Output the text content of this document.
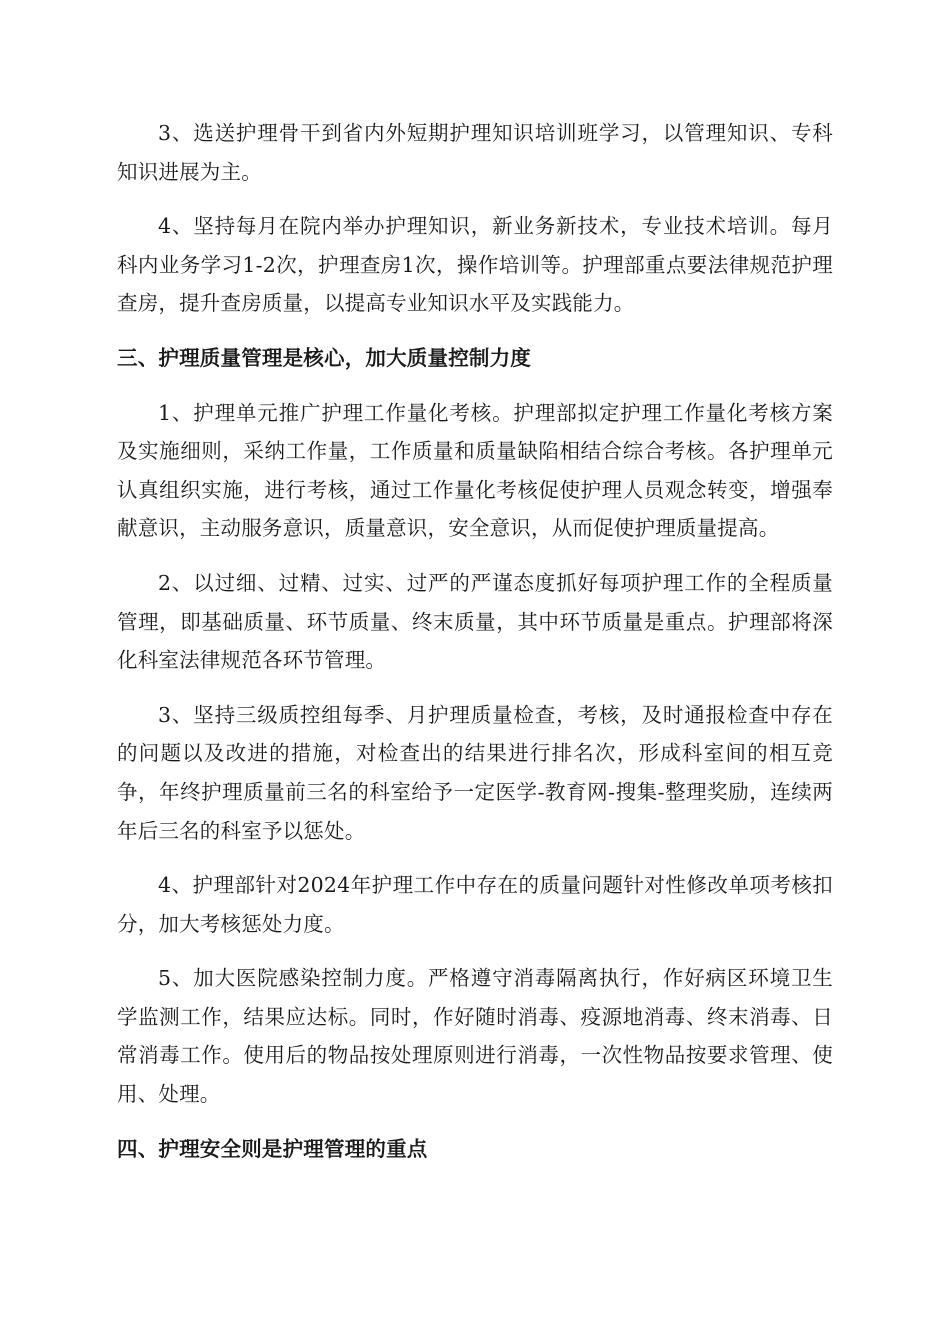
3、选送护理骨干到省内外短期护理知识培训班学习，以管理知识、专科知识进展为主。

4、坚持每月在院内举办护理知识，新业务新技术，专业技术培训。每月科内业务学习1-2次，护理查房1次，操作培训等。护理部重点要法律规范护理查房，提升查房质量，以提高专业知识水平及实践能力。

三、护理质量管理是核心，加大质量控制力度

1、护理单元推广护理工作量化考核。护理部拟定护理工作量化考核方案及实施细则，采纳工作量，工作质量和质量缺陷相结合综合考核。各护理单元认真组织实施，进行考核，通过工作量化考核促使护理人员观念转变，增强奉献意识，主动服务意识，质量意识，安全意识，从而促使护理质量提高。

2、以过细、过精、过实、过严的严谨态度抓好每项护理工作的全程质量管理，即基础质量、环节质量、终末质量，其中环节质量是重点。护理部将深化科室法律规范各环节管理。

3、坚持三级质控组每季、月护理质量检查，考核，及时通报检查中存在的问题以及改进的措施，对检查出的结果进行排名次，形成科室间的相互竞争，年终护理质量前三名的科室给予一定医学-教育网-搜集-整理奖励，连续两年后三名的科室予以惩处。

4、护理部针对2024年护理工作中存在的质量问题针对性修改单项考核扣分，加大考核惩处力度。

5、加大医院感染控制力度。严格遵守消毒隔离执行，作好病区环境卫生学监测工作，结果应达标。同时，作好随时消毒、疫源地消毒、终末消毒、日常消毒工作。使用后的物品按处理原则进行消毒，一次性物品按要求管理、使用、处理。

四、护理安全则是护理管理的重点
